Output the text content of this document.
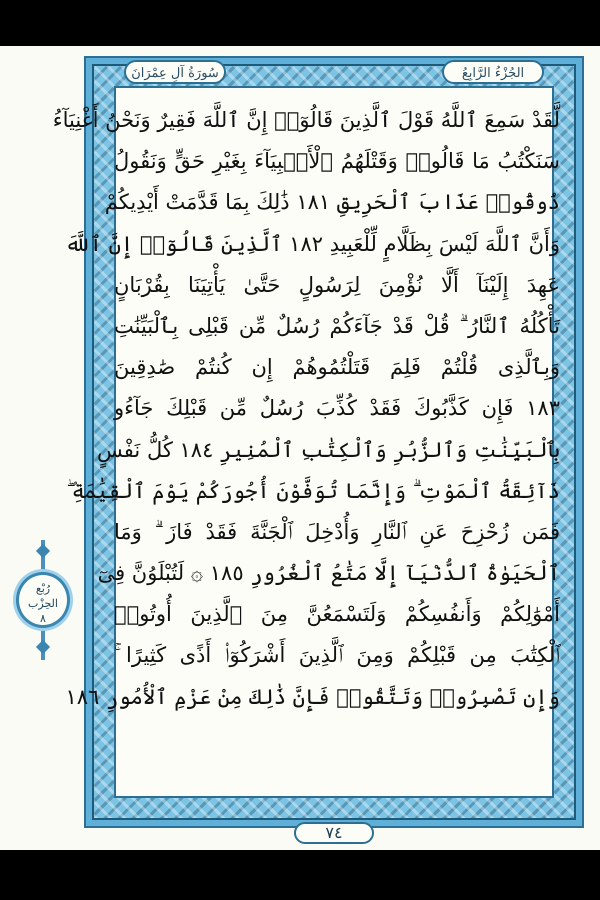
سُورَةُ آلِ عِمْرَانَ	الجُزْءُ الرَّابِعُ
لَّقَدْ سَمِعَ ٱللَّهُ قَوْلَ ٱلَّذِينَ قَالُوٓا۟ إِنَّ ٱللَّهَ فَقِيرٌ وَنَحْنُ أَغْنِيَآءُ
سَنَكْتُبُ مَا قَالُوا۟ وَقَتْلَهُمُ ٱلْأَنۢبِيَآءَ بِغَيْرِ حَقٍّ وَنَقُولُ
ذُوقُوا۟ عَذَابَ ٱلْحَرِيقِ ١٨١ ذَٰلِكَ بِمَا قَدَّمَتْ أَيْدِيكُمْ
وَأَنَّ ٱللَّهَ لَيْسَ بِظَلَّامٍ لِّلْعَبِيدِ ١٨٢ ٱلَّذِينَ قَالُوٓا۟ إِنَّ ٱللَّهَ
عَهِدَ إِلَيْنَآ أَلَّا نُؤْمِنَ لِرَسُولٍ حَتَّىٰ يَأْتِيَنَا بِقُرْبَانٍ
تَأْكُلُهُ ٱلنَّارُ ۗ قُلْ قَدْ جَآءَكُمْ رُسُلٌ مِّن قَبْلِى بِٱلْبَيِّنَٰتِ
وَبِٱلَّذِى قُلْتُمْ فَلِمَ قَتَلْتُمُوهُمْ إِن كُنتُمْ صَٰدِقِينَ
١٨٣ فَإِن كَذَّبُوكَ فَقَدْ كُذِّبَ رُسُلٌ مِّن قَبْلِكَ جَآءُو
بِٱلْبَيِّنَٰتِ وَٱلزُّبُرِ وَٱلْكِتَٰبِ ٱلْمُنِيرِ ١٨٤ كُلُّ نَفْسٍ
ذَآئِقَةُ ٱلْمَوْتِ ۗ وَإِنَّمَا تُوَفَّوْنَ أُجُورَكُمْ يَوْمَ ٱلْقِيَٰمَةِ ۖ
فَمَن زُحْزِحَ عَنِ ٱلنَّارِ وَأُدْخِلَ ٱلْجَنَّةَ فَقَدْ فَازَ ۗ وَمَا
ٱلْحَيَوٰةُ ٱلدُّنْيَآ إِلَّا مَتَٰعُ ٱلْغُرُورِ ١٨٥ ۞ لَتُبْلَوُنَّ فِىٓ
أَمْوَٰلِكُمْ وَأَنفُسِكُمْ وَلَتَسْمَعُنَّ مِنَ ٱلَّذِينَ أُوتُوا۟
ٱلْكِتَٰبَ مِن قَبْلِكُمْ وَمِنَ ٱلَّذِينَ أَشْرَكُوٓا۟ أَذًى كَثِيرًا ۚ
وَإِن تَصْبِرُوا۟ وَتَتَّقُوا۟ فَإِنَّ ذَٰلِكَ مِنْ عَزْمِ ٱلْأُمُورِ ١٨٦
رُبْع
الحِزْب
٨
٧٤
